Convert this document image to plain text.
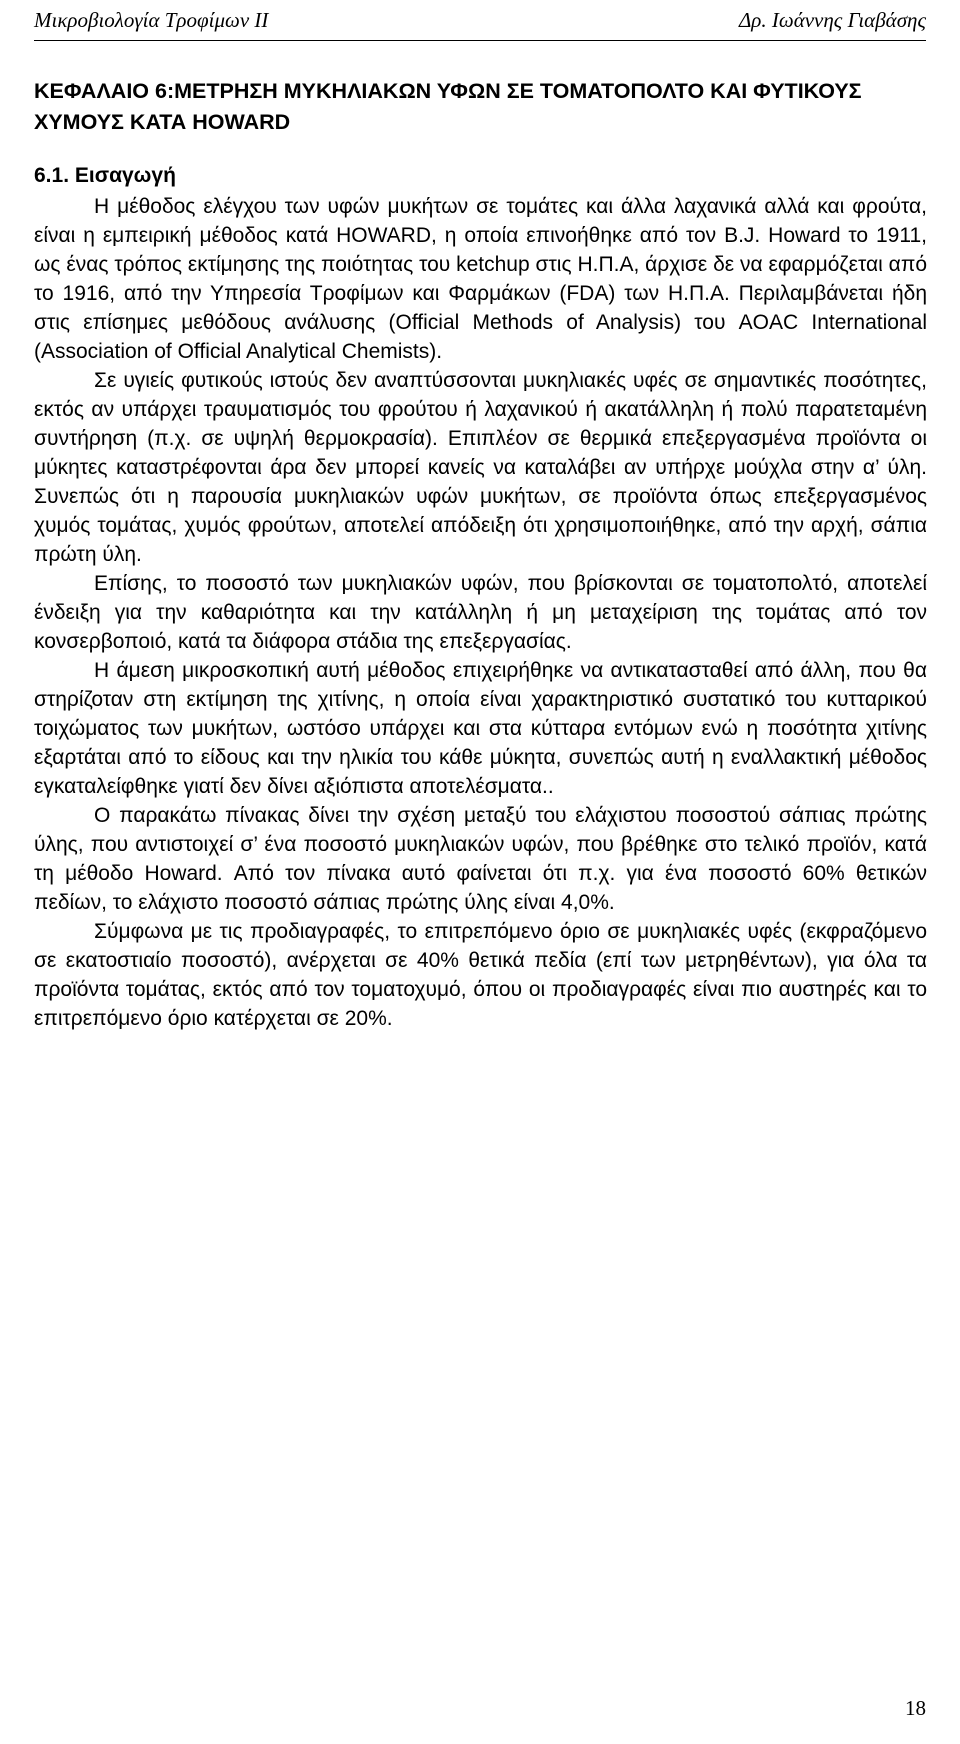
Μικροβιολογία Τροφίμων ΙΙ	Δρ. Ιωάννης Γιαβάσης
ΚΕΦΑΛΑΙΟ 6:ΜΕΤΡΗΣΗ ΜΥΚΗΛΙΑΚΩΝ ΥΦΩΝ ΣΕ ΤΟΜΑΤΟΠΟΛΤΟ ΚΑΙ ΦΥΤΙΚΟΥΣ ΧΥΜΟΥΣ ΚΑΤΑ HOWARD
6.1. Εισαγωγή

Η μέθοδος ελέγχου των υφών μυκήτων σε τομάτες και άλλα λαχανικά αλλά και φρούτα, είναι η εμπειρική μέθοδος κατά HOWARD, η οποία επινοήθηκε από τον B.J. Howard το 1911, ως ένας τρόπος εκτίμησης της ποιότητας του ketchup στις Η.Π.Α, άρχισε δε να εφαρμόζεται από το 1916, από την Υπηρεσία Τροφίμων και Φαρμάκων (FDA) των Η.Π.Α. Περιλαμβάνεται ήδη στις επίσημες μεθόδους ανάλυσης (Official Methods of Analysis) του AOAC International (Association of Official Analytical Chemists).

Σε υγιείς φυτικούς ιστούς δεν αναπτύσσονται μυκηλιακές υφές σε σημαντικές ποσότητες, εκτός αν υπάρχει τραυματισμός του φρούτου ή λαχανικού ή ακατάλληλη ή πολύ παρατεταμένη συντήρηση (π.χ. σε υψηλή θερμοκρασία). Επιπλέον σε θερμικά επεξεργασμένα προϊόντα οι μύκητες καταστρέφονται άρα δεν μπορεί κανείς να καταλάβει αν υπήρχε μούχλα στην α’ ύλη. Συνεπώς ότι η παρουσία μυκηλιακών υφών μυκήτων, σε προϊόντα όπως επεξεργασμένος χυμός τομάτας, χυμός φρούτων, αποτελεί απόδειξη ότι χρησιμοποιήθηκε, από την αρχή, σάπια πρώτη ύλη.

Επίσης, το ποσοστό των μυκηλιακών υφών, που βρίσκονται σε τοματοπολτό, αποτελεί ένδειξη για την καθαριότητα και την κατάλληλη ή μη μεταχείριση της τομάτας από τον κονσερβοποιό, κατά τα διάφορα στάδια της επεξεργασίας.

Η άμεση μικροσκοπική αυτή μέθοδος επιχειρήθηκε να αντικατασταθεί από άλλη, που θα στηρίζοταν στη εκτίμηση της χιτίνης, η οποία είναι χαρακτηριστικό συστατικό του κυτταρικού τοιχώματος των μυκήτων, ωστόσο υπάρχει και στα κύτταρα εντόμων ενώ η ποσότητα χιτίνης εξαρτάται από το είδους και την ηλικία του κάθε μύκητα, συνεπώς αυτή η εναλλακτική μέθοδος εγκαταλείφθηκε γιατί δεν δίνει αξιόπιστα αποτελέσματα..

Ο παρακάτω πίνακας δίνει την σχέση μεταξύ του ελάχιστου ποσοστού σάπιας πρώτης ύλης, που αντιστοιχεί σ’ ένα ποσοστό μυκηλιακών υφών, που βρέθηκε στο τελικό προϊόν, κατά τη μέθοδο Howard. Από τον πίνακα αυτό φαίνεται ότι π.χ. για ένα ποσοστό 60% θετικών πεδίων, το ελάχιστο ποσοστό σάπιας πρώτης ύλης είναι 4,0%.

Σύμφωνα με τις προδιαγραφές, το επιτρεπόμενο όριο σε μυκηλιακές υφές (εκφραζόμενο σε εκατοστιαίο ποσοστό), ανέρχεται σε 40% θετικά πεδία (επί των μετρηθέντων), για όλα τα προϊόντα τομάτας, εκτός από τον τοματοχυμό, όπου οι προδιαγραφές είναι πιο αυστηρές και το επιτρεπόμενο όριο κατέρχεται σε 20%.

18
